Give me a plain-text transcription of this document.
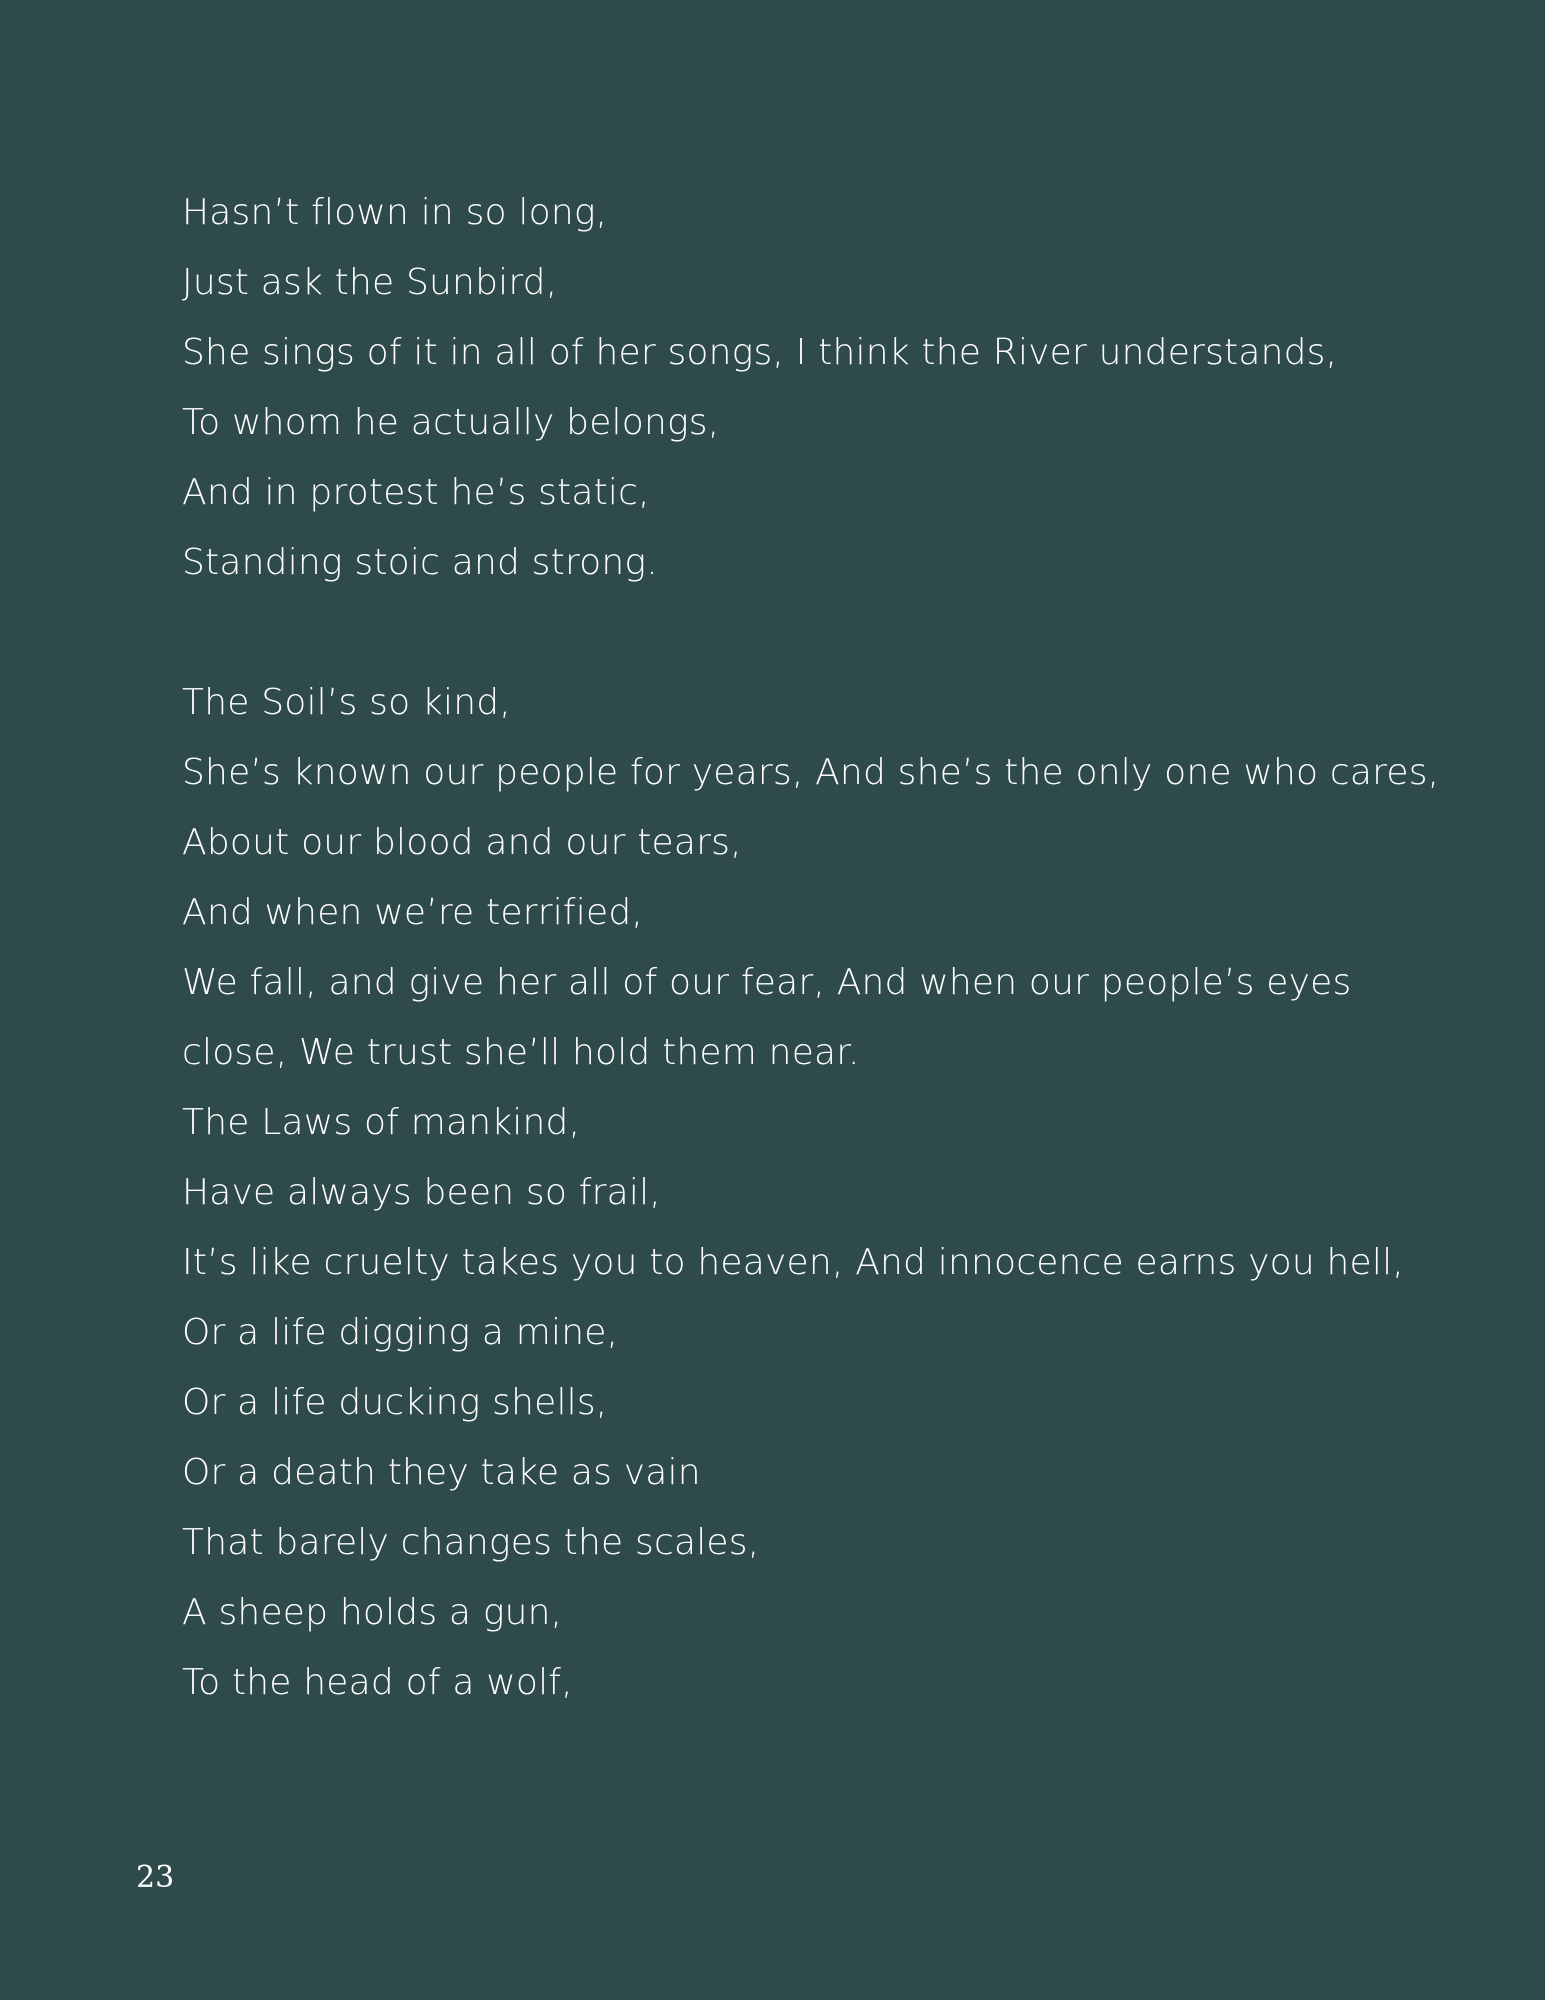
Hasn’t flown in so long,
Just ask the Sunbird,
She sings of it in all of her songs, I think the River understands,
To whom he actually belongs,
And in protest he’s static,
Standing stoic and strong.
The Soil’s so kind,
She’s known our people for years, And she’s the only one who cares,
About our blood and our tears,
And when we’re terrified,
We fall, and give her all of our fear, And when our people’s eyes
close, We trust she’ll hold them near.
The Laws of mankind,
Have always been so frail,
It’s like cruelty takes you to heaven, And innocence earns you hell,
Or a life digging a mine,
Or a life ducking shells,
Or a death they take as vain
That barely changes the scales,
A sheep holds a gun,
To the head of a wolf,
23
